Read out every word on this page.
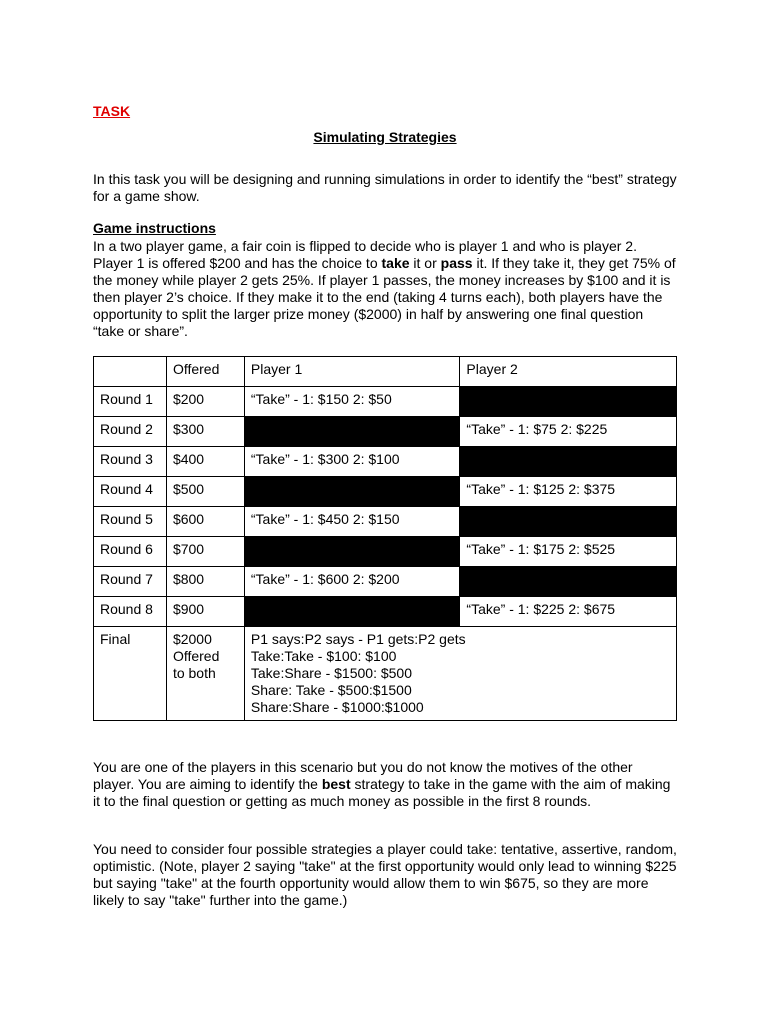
TASK
Simulating Strategies
In this task you will be designing and running simulations in order to identify the “best” strategy for a game show.
Game instructions
In a two player game, a fair coin is flipped to decide who is player 1 and who is player 2. Player 1 is offered $200 and has the choice to take it or pass it. If they take it, they get 75% of the money while player 2 gets 25%. If player 1 passes, the money increases by $100 and it is then player 2’s choice. If they make it to the end (taking 4 turns each), both players have the opportunity to split the larger prize money ($2000) in half by answering one final question “take or share”.
	Offered	Player 1	Player 2
Round 1	$200	“Take” - 1: $150 2: $50	
Round 2	$300		“Take” - 1: $75 2: $225
Round 3	$400	“Take” - 1: $300 2: $100	
Round 4	$500		“Take” - 1: $125 2: $375
Round 5	$600	“Take” - 1: $450 2: $150	
Round 6	$700		“Take” - 1: $175 2: $525
Round 7	$800	“Take” - 1: $600 2: $200	
Round 8	$900		“Take” - 1: $225 2: $675
Final	$2000
Offered
to both	P1 says:P2 says - P1 gets:P2 gets
Take:Take - $100: $100
Take:Share - $1500: $500
Share: Take - $500:$1500
Share:Share - $1000:$1000	
You are one of the players in this scenario but you do not know the motives of the other player. You are aiming to identify the best strategy to take in the game with the aim of making it to the final question or getting as much money as possible in the first 8 rounds.
You need to consider four possible strategies a player could take: tentative, assertive, random, optimistic. (Note, player 2 saying "take" at the first opportunity would only lead to winning $225 but saying "take" at the fourth opportunity would allow them to win $675, so they are more likely to say "take" further into the game.)
